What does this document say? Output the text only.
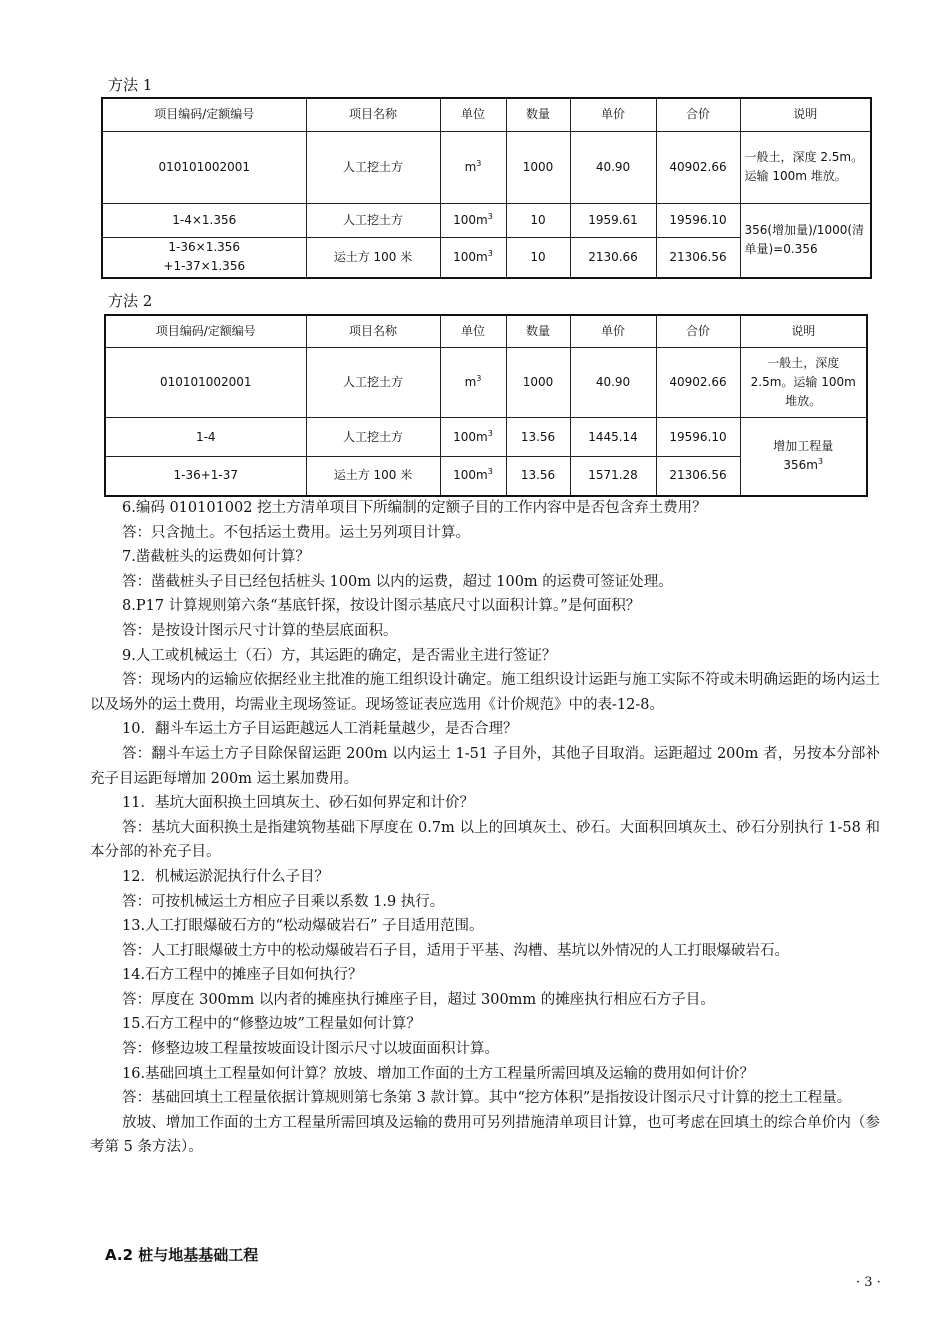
方法 1
项目编码/定额编号	项目名称	单位	数量	单价	合价	说明
010101002001	人工挖土方	$m^3$	1000	40.90	40902.66	一般土，深度 2.5m。运输 100m 堆放。
1-4×1.356	人工挖土方	$100m^3$	10	1959.61	19596.10	356(增加量)/1000(清单量)=0.356

1-36×1.356
+1-37×1.356	运土方 100 米	$100m^3$	10	2130.66	21306.56	
方法 2
项目编码/定额编号	项目名称	单位	数量	单价	合价	说明
010101002001	人工挖土方	$m^3$	1000	40.90	40902.66	一般土，深度 2.5m。运输 100m 堆放。
1-4	人工挖土方	$100m^3$	13.56	1445.14	19596.10	增加工程量
$356m^3$

1-36+1-37	运土方 100 米	$100m^3$	13.56	1571.28	21306.56	

6.编码 010101002 挖土方清单项目下所编制的定额子目的工作内容中是否包含弃土费用？

答：只含抛土。不包括运土费用。运土另列项目计算。

7.凿截桩头的运费如何计算？

答：凿截桩头子目已经包括桩头 100m 以内的运费，超过 100m 的运费可签证处理。

8.P17 计算规则第六条“基底钎探，按设计图示基底尺寸以面积计算。”是何面积？

答：是按设计图示尺寸计算的垫层底面积。

9.人工或机械运土（石）方，其运距的确定，是否需业主进行签证？

答：现场内的运输应依据经业主批准的施工组织设计确定。施工组织设计运距与施工实际不符或未明确运距的场内运土以及场外的运土费用，均需业主现场签证。现场签证表应选用《计价规范》中的表-12-8。

10．翻斗车运土方子目运距越远人工消耗量越少，是否合理？

答：翻斗车运土方子目除保留运距 200m 以内运土 1-51 子目外，其他子目取消。运距超过 200m 者，另按本分部补充子目运距每增加 200m 运土累加费用。

11．基坑大面积换土回填灰土、砂石如何界定和计价？

答：基坑大面积换土是指建筑物基础下厚度在 0.7m 以上的回填灰土、砂石。大面积回填灰土、砂石分别执行 1-58 和本分部的补充子目。

12．机械运淤泥执行什么子目？

答：可按机械运土方相应子目乘以系数 1.9 执行。

13.人工打眼爆破石方的“松动爆破岩石” 子目适用范围。

答：人工打眼爆破土方中的松动爆破岩石子目，适用于平基、沟槽、基坑以外情况的人工打眼爆破岩石。

14.石方工程中的摊座子目如何执行？

答：厚度在 300mm 以内者的摊座执行摊座子目，超过 300mm 的摊座执行相应石方子目。

15.石方工程中的“修整边坡”工程量如何计算？

答：修整边坡工程量按坡面设计图示尺寸以坡面面积计算。

16.基础回填土工程量如何计算？放坡、增加工作面的土方工程量所需回填及运输的费用如何计价？

答：基础回填土工程量依据计算规则第七条第 3 款计算。其中“挖方体积”是指按设计图示尺寸计算的挖土工程量。

放坡、增加工作面的土方工程量所需回填及运输的费用可另列措施清单项目计算，也可考虑在回填土的综合单价内（参考第 5 条方法）。

A.2 桩与地基基础工程
· 3 ·
